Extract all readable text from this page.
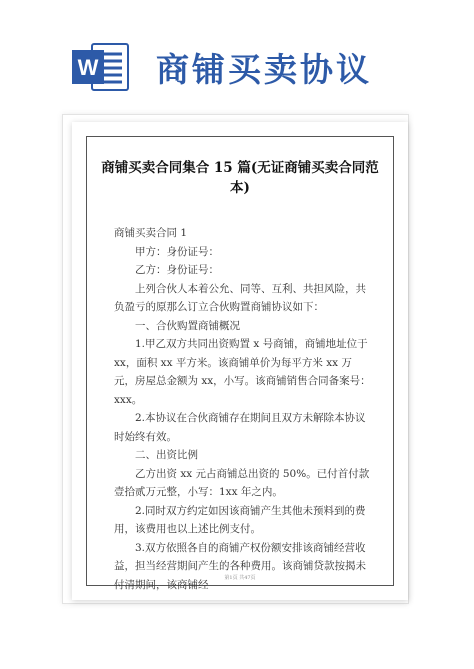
W 商铺买卖协议
商铺买卖合同集合 15 篇(无证商铺买卖合同范本)

商铺买卖合同 1

甲方：身份证号：

乙方：身份证号：

上列合伙人本着公允、同等、互利、共担风险，共负盈亏的原那么订立合伙购置商铺协议如下：

一、合伙购置商铺概况

1.甲乙双方共同出资购置 x 号商铺，商铺地址位于 xx，面积 xx 平方米。该商铺单价为每平方米 xx 万元，房屋总金额为 xx，小写。该商铺销售合同备案号：xxx。

2.本协议在合伙商铺存在期间且双方未解除本协议时始终有效。

二、出资比例

乙方出资 xx 元占商铺总出资的 50%。已付首付款壹拾贰万元整，小写：1xx 年之内。

2.同时双方约定如因该商铺产生其他未预料到的费用，该费用也以上述比例支付。

3.双方依照各自的商铺产权份额安排该商铺经营收益，担当经营期间产生的各种费用。该商铺贷款按揭未付清期间，该商铺经

第1页 共47页
